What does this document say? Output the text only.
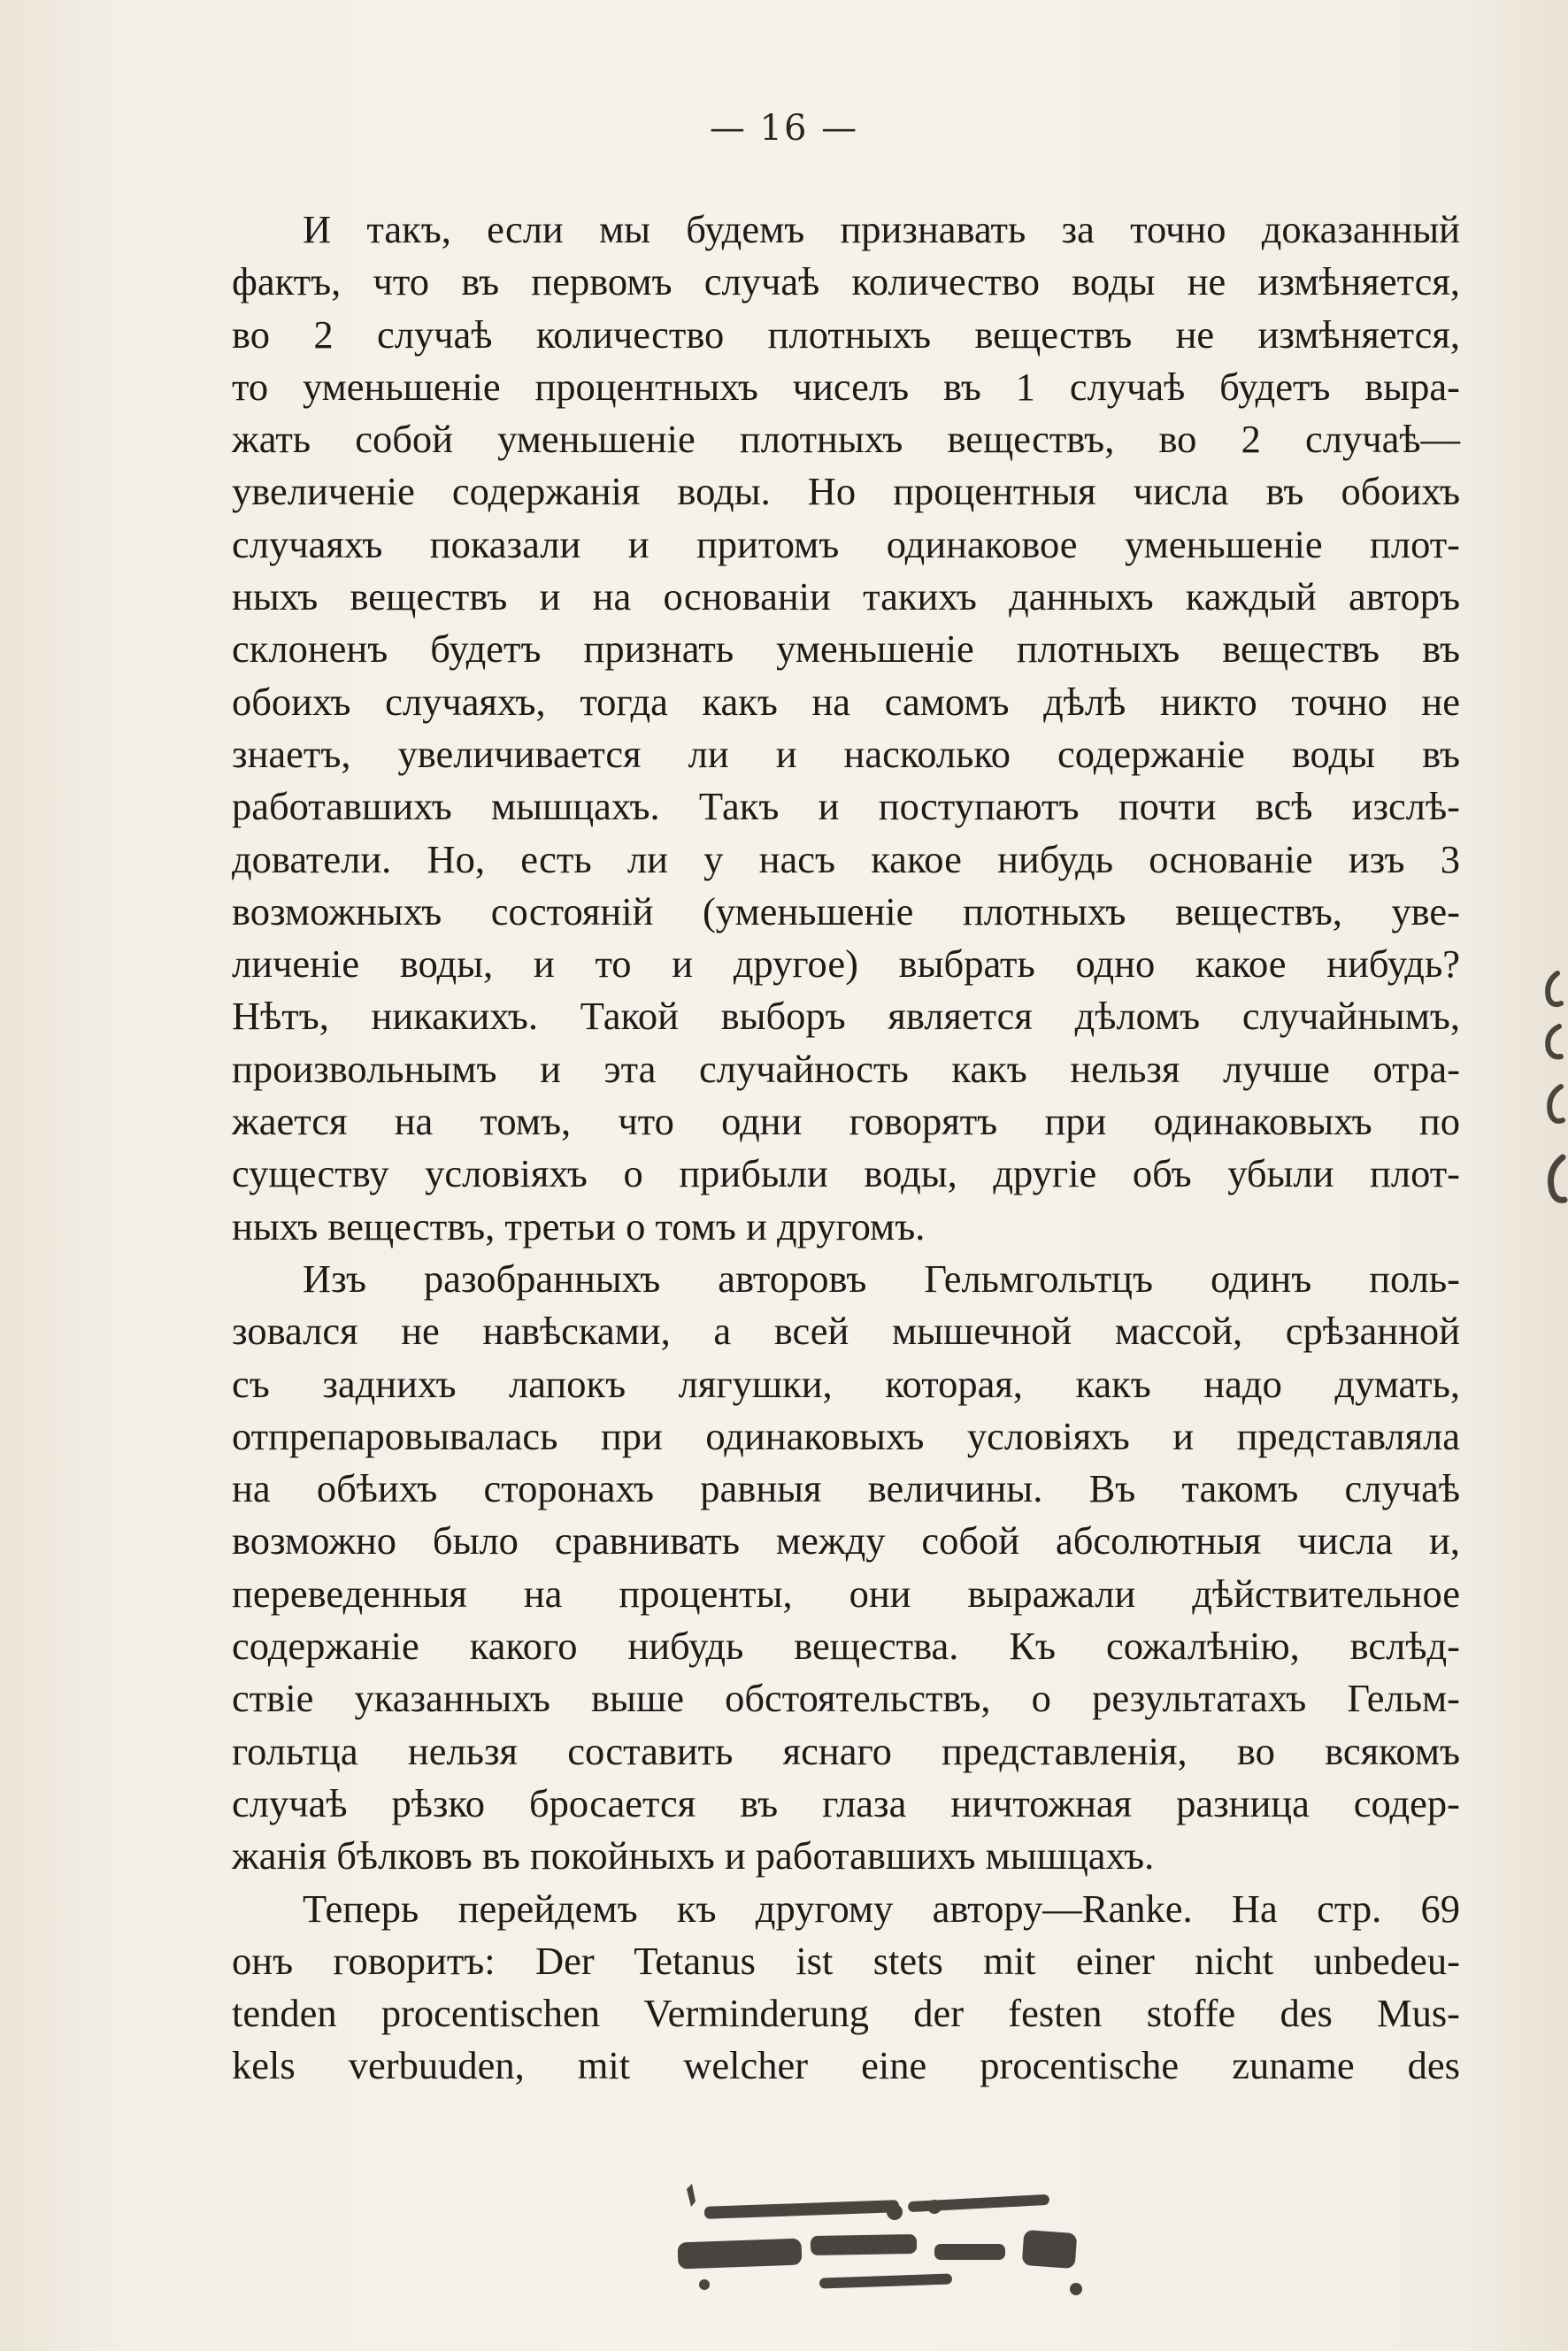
— 16 —
И такъ, если мы будемъ признавать за точно доказанный
фактъ, что въ первомъ случаѣ количество воды не измѣняется,
во 2 случаѣ количество плотныхъ веществъ не измѣняется,
то уменьшеніе процентныхъ чиселъ въ 1 случаѣ будетъ выра-
жать собой уменьшеніе плотныхъ веществъ, во 2 случаѣ—
увеличеніе содержанія воды. Но процентныя числа въ обоихъ
случаяхъ показали и притомъ одинаковое уменьшеніе плот-
ныхъ веществъ и на основаніи такихъ данныхъ каждый авторъ
склоненъ будетъ признать уменьшеніе плотныхъ веществъ въ
обоихъ случаяхъ, тогда какъ на самомъ дѣлѣ никто точно не
знаетъ, увеличивается ли и насколько содержаніе воды въ
работавшихъ мышцахъ. Такъ и поступаютъ почти всѣ изслѣ-
дователи. Но, есть ли у насъ какое нибудь основаніе изъ 3
возможныхъ состояній (уменьшеніе плотныхъ веществъ, уве-
личеніе воды, и то и другое) выбрать одно какое нибудь?
Нѣтъ, никакихъ. Такой выборъ является дѣломъ случайнымъ,
произвольнымъ и эта случайность какъ нельзя лучше отра-
жается на томъ, что одни говорятъ при одинаковыхъ по
существу условіяхъ о прибыли воды, другіе объ убыли плот-
ныхъ веществъ, третьи о томъ и другомъ.
Изъ разобранныхъ авторовъ Гельмгольтцъ одинъ поль-
зовался не навѣсками, а всей мышечной массой, срѣзанной
съ заднихъ лапокъ лягушки, которая, какъ надо думать,
отпрепаровывалась при одинаковыхъ условіяхъ и представляла
на обѣихъ сторонахъ равныя величины. Въ такомъ случаѣ
возможно было сравнивать между собой абсолютныя числа и,
переведенныя на проценты, они выражали дѣйствительное
содержаніе какого нибудь вещества. Къ сожалѣнію, вслѣд-
ствіе указанныхъ выше обстоятельствъ, о результатахъ Гельм-
гольтца нельзя составить яснаго представленія, во всякомъ
случаѣ рѣзко бросается въ глаза ничтожная разница содер-
жанія бѣлковъ въ покойныхъ и работавшихъ мышцахъ.
Теперь перейдемъ къ другому автору—Ranke. На стр. 69
онъ говоритъ: Der Tetanus ist stets mit einer nicht unbedeu-
tenden procentischen Verminderung der festen stoffe des Mus-
kels verbuuden, mit welcher eine procentische zuname des
